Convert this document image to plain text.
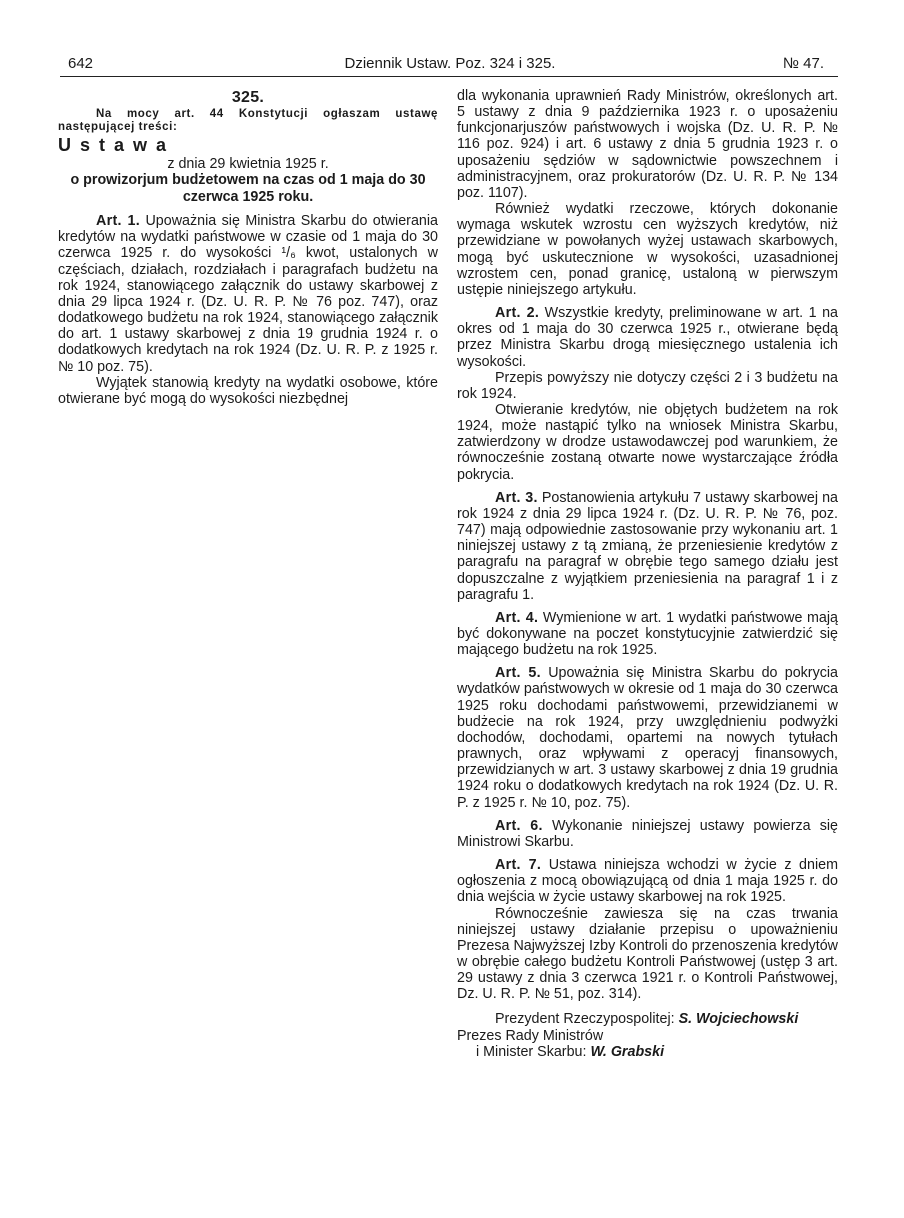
642	Dziennik Ustaw. Poz. 324 i 325.	№ 47.

325.

Na mocy art. 44 Konstytucji ogłaszam ustawę następującej treści:

Ustawa

z dnia 29 kwietnia 1925 r.

o prowizorjum budżetowem na czas od 1 maja do 30 czerwca 1925 roku.

Art. 1. Upoważnia się Ministra Skarbu do otwierania kredytów na wydatki państwowe w czasie od 1 maja do 30 czerwca 1925 r. do wysokości ¹/₆ kwot, ustalonych w częściach, działach, rozdziałach i paragrafach budżetu na rok 1924, stanowiącego załącznik do ustawy skarbowej z dnia 29 lipca 1924 r. (Dz. U. R. P. № 76 poz. 747), oraz dodatkowego budżetu na rok 1924, stanowiącego załącznik do art. 1 ustawy skarbowej z dnia 19 grudnia 1924 r. o dodatkowych kredytach na rok 1924 (Dz. U. R. P. z 1925 r. № 10 poz. 75).

Wyjątek stanowią kredyty na wydatki osobowe, które otwierane być mogą do wysokości niezbędnej

dla wykonania uprawnień Rady Ministrów, określonych art. 5 ustawy z dnia 9 października 1923 r. o uposażeniu funkcjonarjuszów państwowych i wojska (Dz. U. R. P. № 116 poz. 924) i art. 6 ustawy z dnia 5 grudnia 1923 r. o uposażeniu sędziów w sądownictwie powszechnem i administracyjnem, oraz prokuratorów (Dz. U. R. P. № 134 poz. 1107).

Również wydatki rzeczowe, których dokonanie wymaga wskutek wzrostu cen wyższych kredytów, niż przewidziane w powołanych wyżej ustawach skarbowych, mogą być uskutecznione w wysokości, uzasadnionej wzrostem cen, ponad granicę, ustaloną w pierwszym ustępie niniejszego artykułu.

Art. 2. Wszystkie kredyty, preliminowane w art. 1 na okres od 1 maja do 30 czerwca 1925 r., otwierane będą przez Ministra Skarbu drogą miesięcznego ustalenia ich wysokości.

Przepis powyższy nie dotyczy części 2 i 3 budżetu na rok 1924.

Otwieranie kredytów, nie objętych budżetem na rok 1924, może nastąpić tylko na wniosek Ministra Skarbu, zatwierdzony w drodze ustawodawczej pod warunkiem, że równocześnie zostaną otwarte nowe wystarczające źródła pokrycia.

Art. 3. Postanowienia artykułu 7 ustawy skarbowej na rok 1924 z dnia 29 lipca 1924 r. (Dz. U. R. P. № 76, poz. 747) mają odpowiednie zastosowanie przy wykonaniu art. 1 niniejszej ustawy z tą zmianą, że przeniesienie kredytów z paragrafu na paragraf w obrębie tego samego działu jest dopuszczalne z wyjątkiem przeniesienia na paragraf 1 i z paragrafu 1.

Art. 4. Wymienione w art. 1 wydatki państwowe mają być dokonywane na poczet konstytucyjnie zatwierdzić się mającego budżetu na rok 1925.

Art. 5. Upoważnia się Ministra Skarbu do pokrycia wydatków państwowych w okresie od 1 maja do 30 czerwca 1925 roku dochodami państwowemi, przewidzianemi w budżecie na rok 1924, przy uwzględnieniu podwyżki dochodów, dochodami, opartemi na nowych tytułach prawnych, oraz wpływami z operacyj finansowych, przewidzianych w art. 3 ustawy skarbowej z dnia 19 grudnia 1924 roku o dodatkowych kredytach na rok 1924 (Dz. U. R. P. z 1925 r. № 10, poz. 75).

Art. 6. Wykonanie niniejszej ustawy powierza się Ministrowi Skarbu.

Art. 7. Ustawa niniejsza wchodzi w życie z dniem ogłoszenia z mocą obowiązującą od dnia 1 maja 1925 r. do dnia wejścia w życie ustawy skarbowej na rok 1925.

Równocześnie zawiesza się na czas trwania niniejszej ustawy działanie przepisu o upoważnieniu Prezesa Najwyższej Izby Kontroli do przenoszenia kredytów w obrębie całego budżetu Kontroli Państwowej (ustęp 3 art. 29 ustawy z dnia 3 czerwca 1921 r. o Kontroli Państwowej, Dz. U. R. P. № 51, poz. 314).

Prezydent Rzeczypospolitej: S. Wojciechowski

Prezes Rady Ministrów

i Minister Skarbu: W. Grabski
